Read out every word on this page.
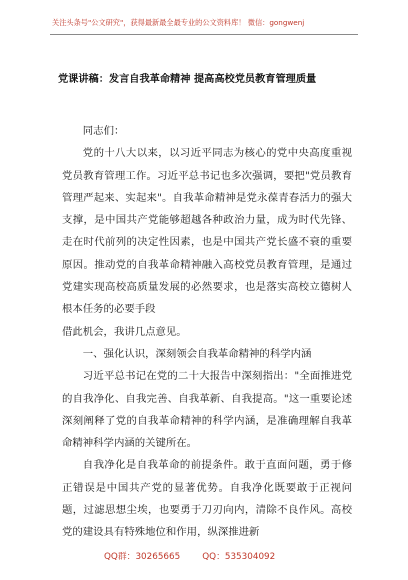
关注头条号"公文研究"，获得最新最全最专业的公文资料库！ 微信：gongwenj
党课讲稿：发言自我革命精神 提高高校党员教育管理质量

同志们：

党的十八大以来，以习近平同志为核心的党中央高度重视党员教育管理工作。习近平总书记也多次强调，要把"党员教育管理严起来、实起来"。自我革命精神是党永葆青春活力的强大支撑，是中国共产党能够超越各种政治力量，成为时代先锋、走在时代前列的决定性因素，也是中国共产党长盛不衰的重要原因。推动党的自我革命精神融入高校党员教育管理，是通过党建实现高校高质量发展的必然要求，也是落实高校立德树人根本任务的必要手段

借此机会，我讲几点意见。

一、强化认识，深刻领会自我革命精神的科学内涵

习近平总书记在党的二十大报告中深刻指出："全面推进党的自我净化、自我完善、自我革新、自我提高。"这一重要论述深刻阐释了党的自我革命精神的科学内涵，是准确理解自我革命精神科学内涵的关键所在。

自我净化是自我革命的前提条件。敢于直面问题，勇于修正错误是中国共产党的显著优势。自我净化既要敢于正视问题，过滤思想尘埃，也要勇于刀刃向内，清除不良作风。高校党的建设具有特殊地位和作用，纵深推进新

QQ群：30265665	QQ：535304092
